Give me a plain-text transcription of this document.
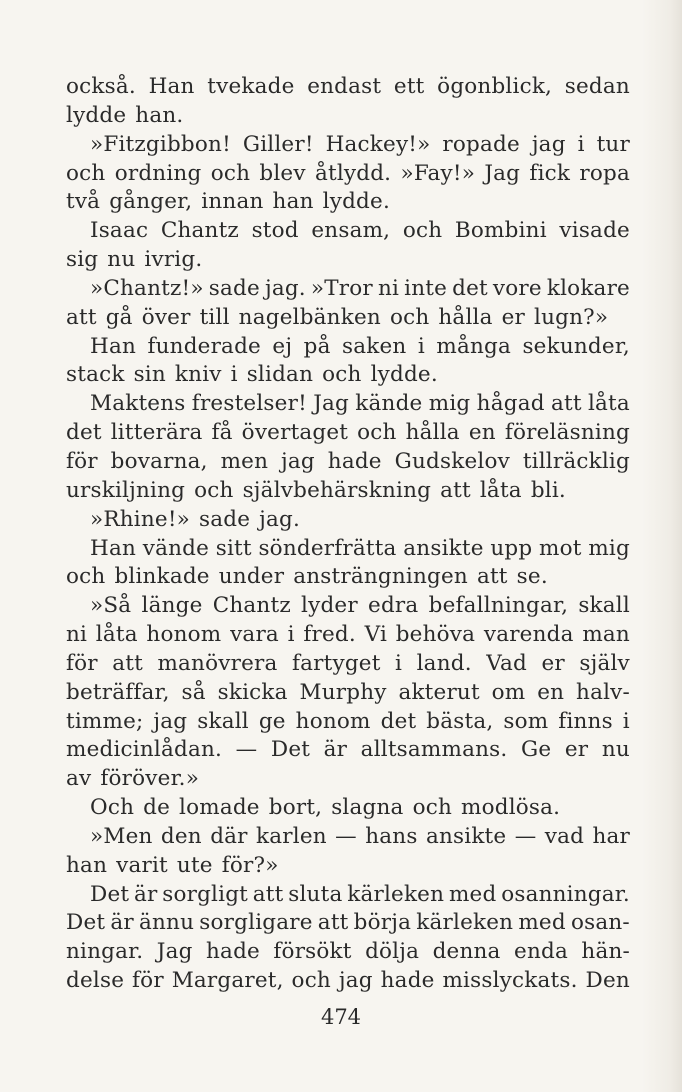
också. Han tvekade endast ett ögonblick, sedan
lydde han.
»Fitzgibbon! Giller! Hackey!» ropade jag i tur
och ordning och blev åtlydd. »Fay!» Jag fick ropa
två gånger, innan han lydde.
Isaac Chantz stod ensam, och Bombini visade
sig nu ivrig.
»Chantz!» sade jag. »Tror ni inte det vore klokare
att gå över till nagelbänken och hålla er lugn?»
Han funderade ej på saken i många sekunder,
stack sin kniv i slidan och lydde.
Maktens frestelser! Jag kände mig hågad att låta
det litterära få övertaget och hålla en föreläsning
för bovarna, men jag hade Gudskelov tillräcklig
urskiljning och självbehärskning att låta bli.
»Rhine!» sade jag.
Han vände sitt sönderfrätta ansikte upp mot mig
och blinkade under ansträngningen att se.
»Så länge Chantz lyder edra befallningar, skall
ni låta honom vara i fred. Vi behöva varenda man
för att manövrera fartyget i land. Vad er själv
beträffar, så skicka Murphy akterut om en halv-
timme; jag skall ge honom det bästa, som finns i
medicinlådan. — Det är alltsammans. Ge er nu
av föröver.»
Och de lomade bort, slagna och modlösa.
»Men den där karlen — hans ansikte — vad har
han varit ute för?»
Det är sorgligt att sluta kärleken med osanningar.
Det är ännu sorgligare att börja kärleken med osan-
ningar. Jag hade försökt dölja denna enda hän-
delse för Margaret, och jag hade misslyckats. Den
474
